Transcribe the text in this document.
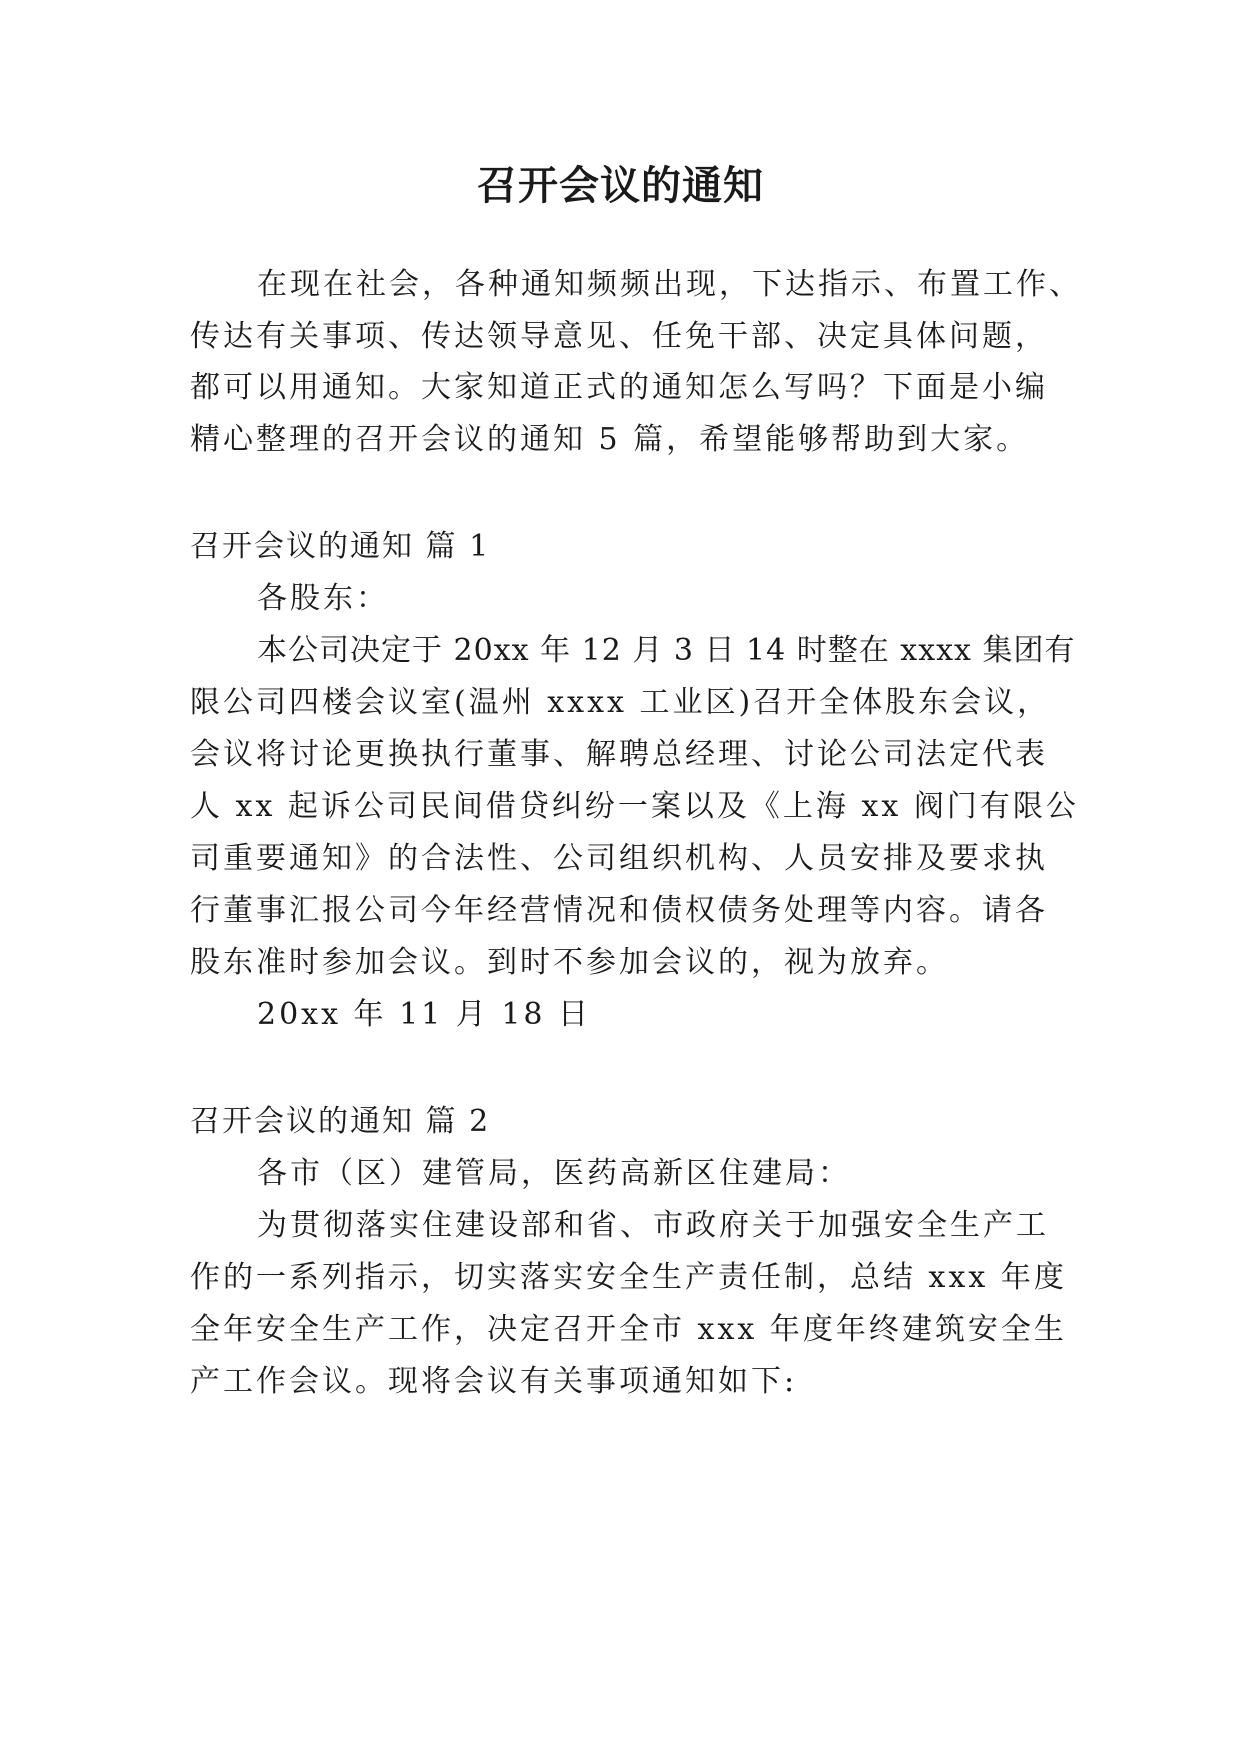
召开会议的通知
在现在社会，各种通知频频出现，下达指示、布置工作、
传达有关事项、传达领导意见、任免干部、决定具体问题，
都可以用通知。大家知道正式的通知怎么写吗？下面是小编
精心整理的召开会议的通知 5 篇，希望能够帮助到大家。
召开会议的通知 篇 1
各股东：
本公司决定于 20xx 年 12 月 3 日 14 时整在 xxxx 集团有
限公司四楼会议室(温州 xxxx 工业区)召开全体股东会议，
会议将讨论更换执行董事、解聘总经理、讨论公司法定代表
人 xx 起诉公司民间借贷纠纷一案以及《上海 xx 阀门有限公
司重要通知》的合法性、公司组织机构、人员安排及要求执
行董事汇报公司今年经营情况和债权债务处理等内容。请各
股东准时参加会议。到时不参加会议的，视为放弃。
20xx 年 11 月 18 日
召开会议的通知 篇 2
各市（区）建管局，医药高新区住建局：
为贯彻落实住建设部和省、市政府关于加强安全生产工
作的一系列指示，切实落实安全生产责任制，总结 xxx 年度
全年安全生产工作，决定召开全市 xxx 年度年终建筑安全生
产工作会议。现将会议有关事项通知如下:
